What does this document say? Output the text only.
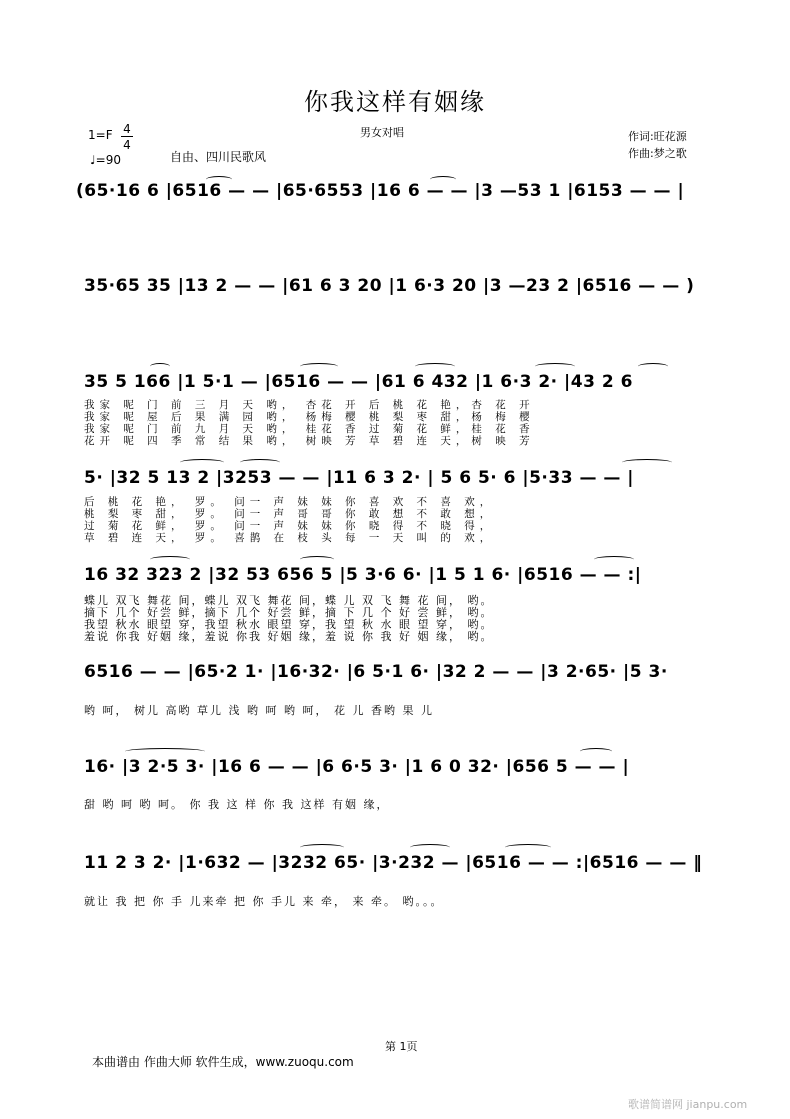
你我这样有姻缘
1=F 4
4
♩=90	自由、四川民歌风
男女对唱	作词:旺花源
作曲:梦之歌
(65·16 6 |6516 — — |65·6553 |16 6 — — |3 —53 1 |6153 — — |
35·65 35 |13 2 — — |61 6 3 20 |1 6·3 20 |3 —23 2 |6516 — — )
35 5 166 |1 5·1 — |6516 — — |61 6 432 |1 6·3 2· |43 2 6
我家 呢 门 前 三 月 天 哟， 杏花 开 后 桃 花 艳，杏 花 开
我家 呢 屋 后 果 满 园 哟， 杨梅 樱 桃 梨 枣 甜，杨 梅 樱
我家 呢 门 前 九 月 天 哟， 桂花 香 过 菊 花 鲜，桂 花 香
花开 呢 四 季 常 结 果 哟， 树映 芳 草 碧 连 天，树 映 芳
5· |32 5 13 2 |3253 — — |11 6 3 2· | 5 6 5· 6 |5·33 — — |
后 桃 花 艳， 罗。 问一 声 妹 妹 你 喜 欢 不 喜 欢，
桃 梨 枣 甜， 罗。 问一 声 哥 哥 你 敢 想 不 敢 想，
过 菊 花 鲜， 罗。 问一 声 妹 妹 你 晓 得 不 晓 得，
草 碧 连 天， 罗。 喜鹊 在 枝 头 每 一 天 叫 的 欢，
16 32 323 2 |32 53 656 5 |5 3·6 6· |1 5 1 6· |6516 — — :|
蝶儿 双飞 舞花 间，蝶儿 双飞 舞花 间，蝶 儿 双 飞 舞 花 间， 哟。
摘下 几个 好尝 鲜，摘下 几个 好尝 鲜，摘 下 几 个 好 尝 鲜， 哟。
我望 秋水 眼望 穿，我望 秋水 眼望 穿，我 望 秋 水 眼 望 穿， 哟。
羞说 你我 好姻 缘，羞说 你我 好姻 缘，羞 说 你 我 好 姻 缘， 哟。
6516 — — |65·2 1· |16·32· |6 5·1 6· |32 2 — — |3 2·65· |5 3·
哟 呵， 树儿 高哟 草儿 浅 哟 呵 哟 呵， 花 儿 香哟 果 儿
16· |3 2·5 3· |16 6 — — |6 6·5 3· |1 6 0 32· |656 5 — — |
甜 哟 呵 哟 呵。 你 我 这 样 你 我 这样 有姻 缘，
11 2 3 2· |1·632 — |3232 65· |3·232 — |6516 — — :|6516 — — ‖
就让 我 把 你 手 儿来牵 把 你 手儿 来 牵， 来 牵。 哟。。。
第 1页
本曲谱由 作曲大师 软件生成，www.zuoqu.com
歌谱简谱网 jianpu.com
